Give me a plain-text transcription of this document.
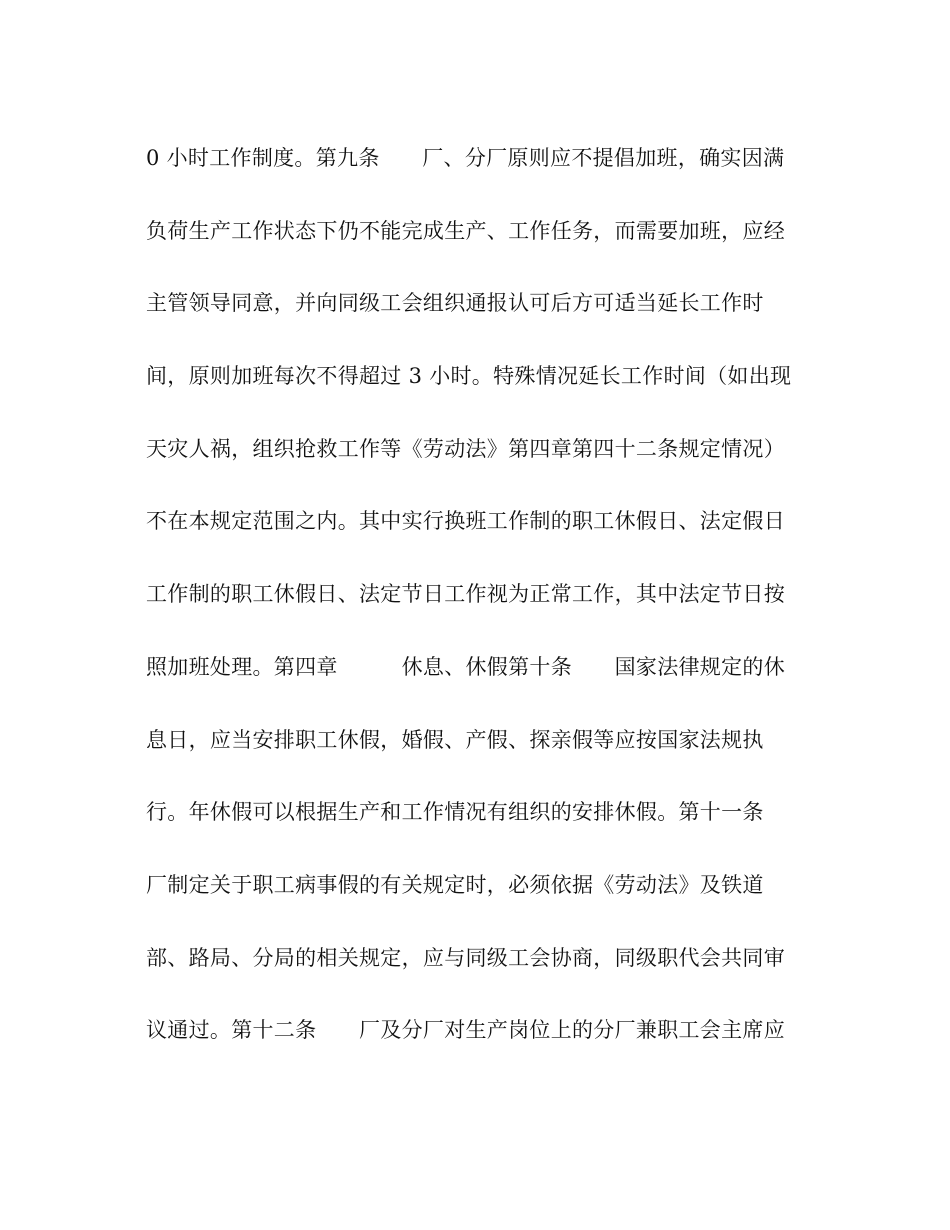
0 小时工作制度。第九条　　厂、分厂原则应不提倡加班，确实因满
负荷生产工作状态下仍不能完成生产、工作任务，而需要加班，应经
主管领导同意，并向同级工会组织通报认可后方可适当延长工作时
间，原则加班每次不得超过 3 小时。特殊情况延长工作时间（如出现
天灾人祸，组织抢救工作等《劳动法》第四章第四十二条规定情况）
不在本规定范围之内。其中实行换班工作制的职工休假日、法定假日
工作制的职工休假日、法定节日工作视为正常工作，其中法定节日按
照加班处理。第四章　　　休息、休假第十条　　国家法律规定的休
息日，应当安排职工休假，婚假、产假、探亲假等应按国家法规执
行。年休假可以根据生产和工作情况有组织的安排休假。第十一条
厂制定关于职工病事假的有关规定时，必须依据《劳动法》及铁道
部、路局、分局的相关规定，应与同级工会协商，同级职代会共同审
议通过。第十二条　　厂及分厂对生产岗位上的分厂兼职工会主席应
